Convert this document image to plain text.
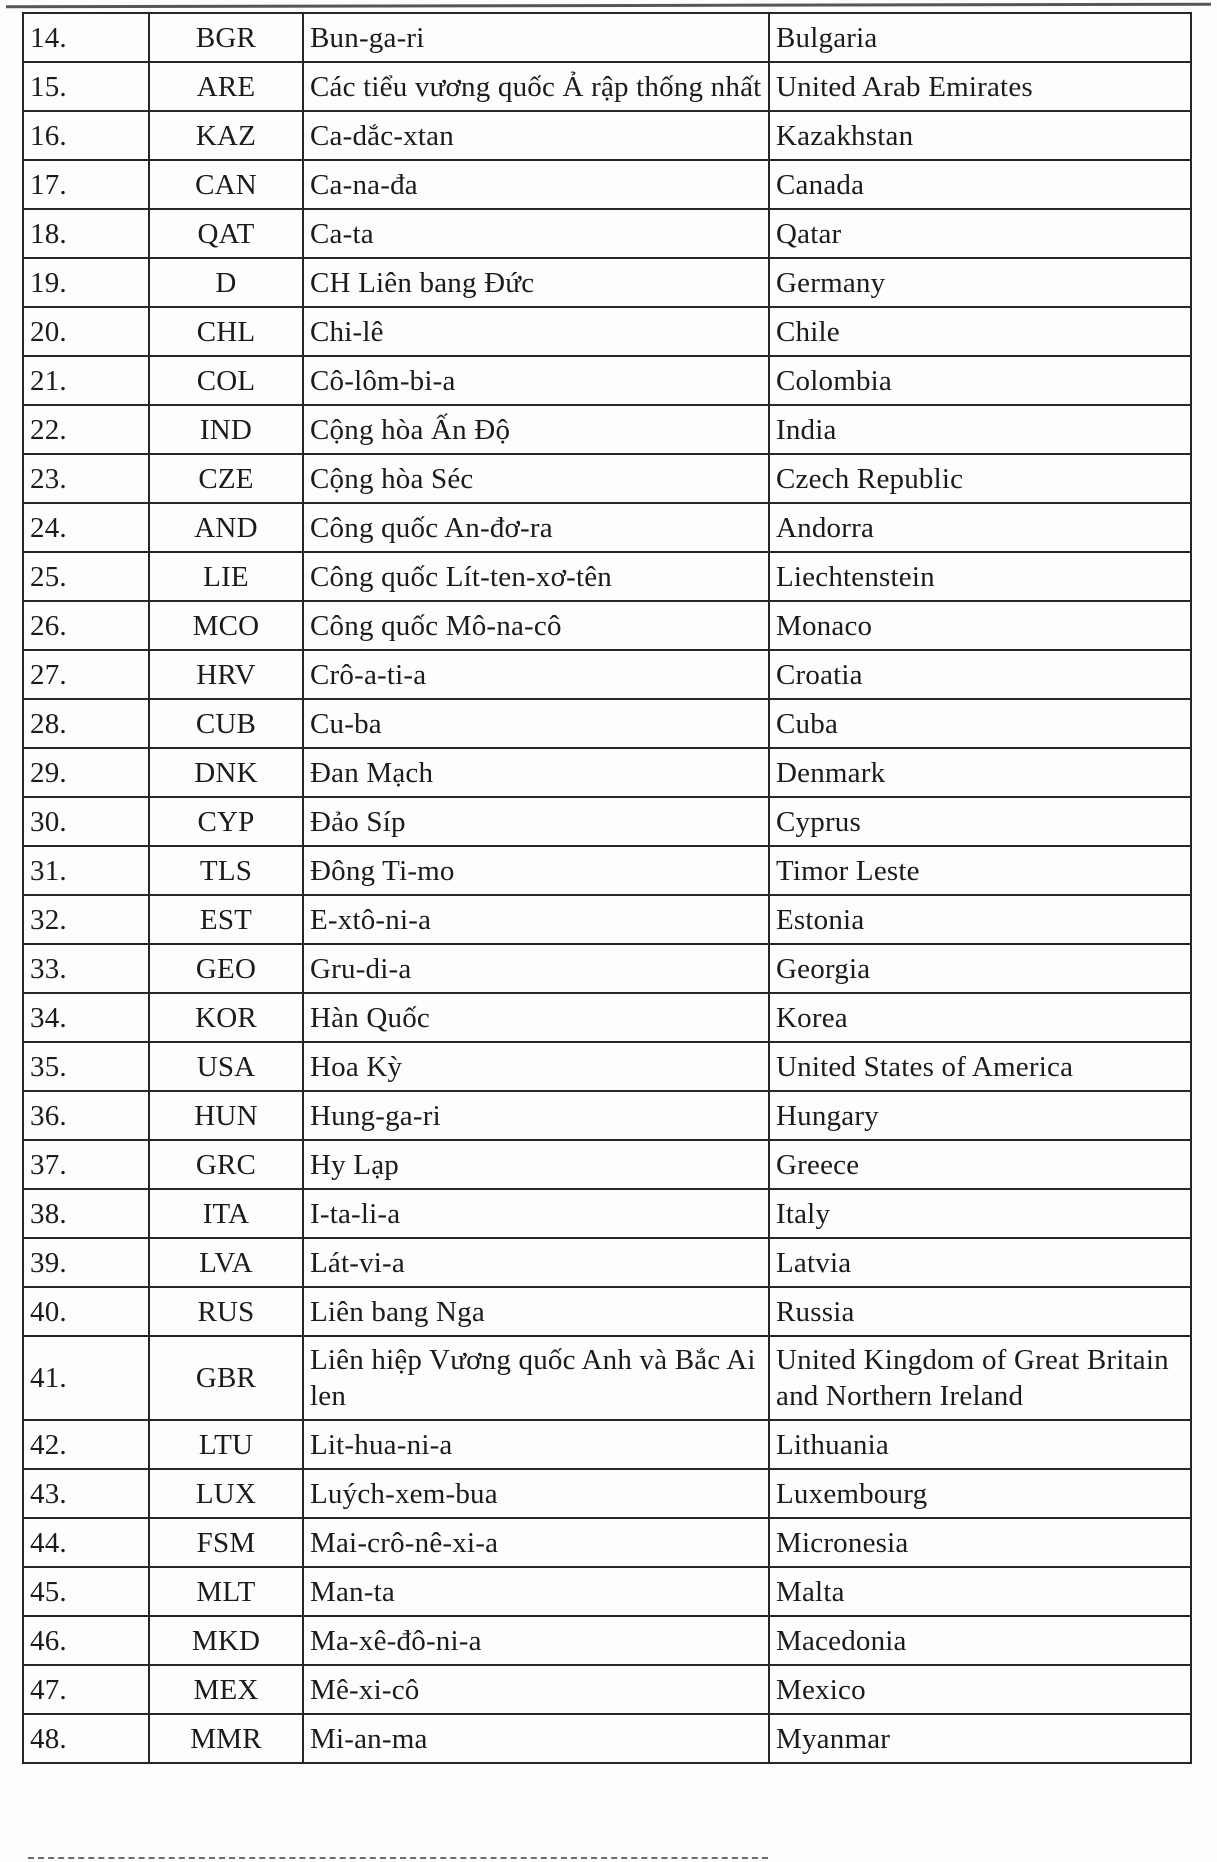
14.	BGR	Bun-ga-ri	Bulgaria
15.	ARE	Các tiểu vương quốc Ả rập thống nhất	United Arab Emirates
16.	KAZ	Ca-dắc-xtan	Kazakhstan
17.	CAN	Ca-na-đa	Canada
18.	QAT	Ca-ta	Qatar
19.	D	CH Liên bang Đức	Germany
20.	CHL	Chi-lê	Chile
21.	COL	Cô-lôm-bi-a	Colombia
22.	IND	Cộng hòa Ấn Độ	India
23.	CZE	Cộng hòa Séc	Czech Republic
24.	AND	Công quốc An-đơ-ra	Andorra
25.	LIE	Công quốc Lít-ten-xơ-tên	Liechtenstein
26.	MCO	Công quốc Mô-na-cô	Monaco
27.	HRV	Crô-a-ti-a	Croatia
28.	CUB	Cu-ba	Cuba
29.	DNK	Đan Mạch	Denmark
30.	CYP	Đảo Síp	Cyprus
31.	TLS	Đông Ti-mo	Timor Leste
32.	EST	E-xtô-ni-a	Estonia
33.	GEO	Gru-di-a	Georgia
34.	KOR	Hàn Quốc	Korea
35.	USA	Hoa Kỳ	United States of America
36.	HUN	Hung-ga-ri	Hungary
37.	GRC	Hy Lạp	Greece
38.	ITA	I-ta-li-a	Italy
39.	LVA	Lát-vi-a	Latvia
40.	RUS	Liên bang Nga	Russia
41.	GBR	Liên hiệp Vương quốc Anh và Bắc Ai len	United Kingdom of Great Britain and Northern Ireland
42.	LTU	Lit-hua-ni-a	Lithuania
43.	LUX	Luých-xem-bua	Luxembourg
44.	FSM	Mai-crô-nê-xi-a	Micronesia
45.	MLT	Man-ta	Malta
46.	MKD	Ma-xê-đô-ni-a	Macedonia
47.	MEX	Mê-xi-cô	Mexico
48.	MMR	Mi-an-ma	Myanmar
